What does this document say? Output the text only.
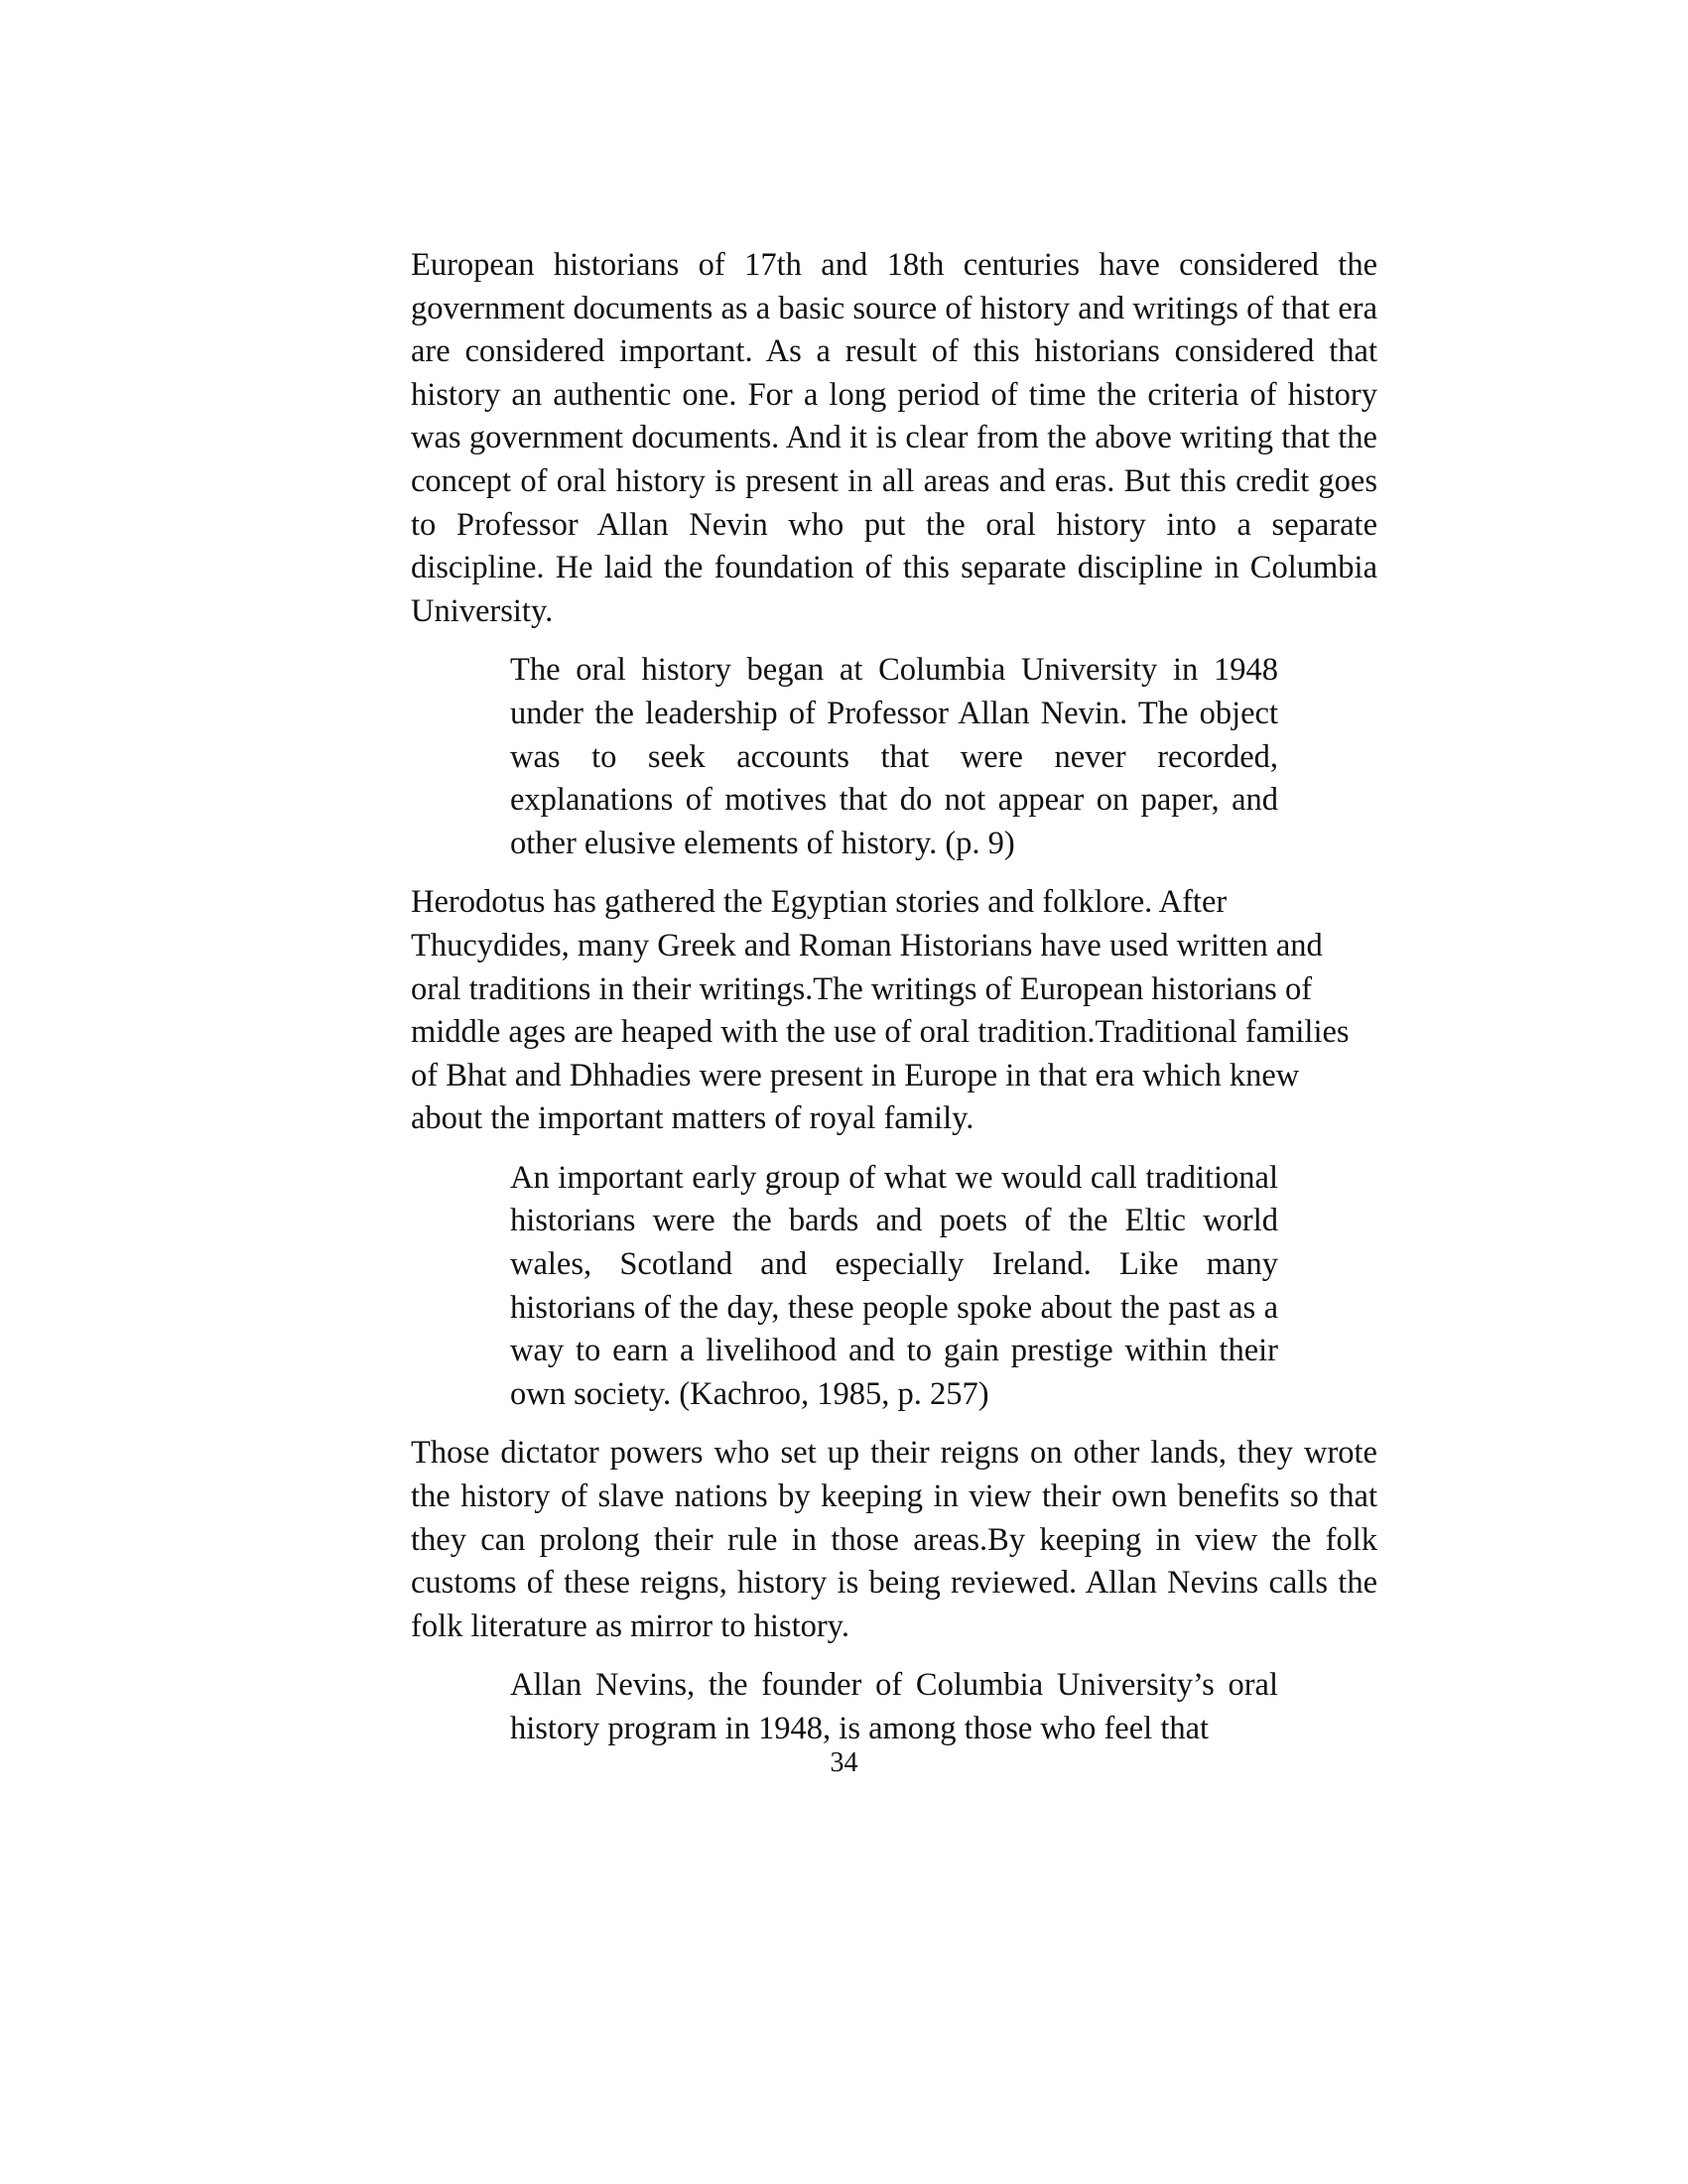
European historians of 17th and 18th centuries have considered the government documents as a basic source of history and writings of that era are considered important. As a result of this historians considered that history an authentic one. For a long period of time the criteria of history was government documents. And it is clear from the above writing that the concept of oral history is present in all areas and eras. But this credit goes to Professor Allan Nevin who put the oral history into a separate discipline. He laid the foundation of this separate discipline in Columbia University.

The oral history began at Columbia University in 1948 under the leadership of Professor Allan Nevin. The object was to seek accounts that were never recorded, explanations of motives that do not appear on paper, and other elusive elements of history. (p. 9)

Herodotus has gathered the Egyptian stories and folklore. After Thucydides, many Greek and Roman Historians have used written and oral traditions in their writings.The writings of European historians of middle ages are heaped with the use of oral tradition.Traditional families of Bhat and Dhhadies were present in Europe in that era which knew about the important matters of royal family.

An important early group of what we would call traditional historians were the bards and poets of the Eltic world wales, Scotland and especially Ireland. Like many historians of the day, these people spoke about the past as a way to earn a livelihood and to gain prestige within their own society. (Kachroo, 1985, p. 257)

Those dictator powers who set up their reigns on other lands, they wrote the history of slave nations by keeping in view their own benefits so that they can prolong their rule in those areas.By keeping in view the folk customs of these reigns, history is being reviewed. Allan Nevins calls the folk literature as mirror to history.

Allan Nevins, the founder of Columbia University’s oral history program in 1948, is among those who feel that

34
